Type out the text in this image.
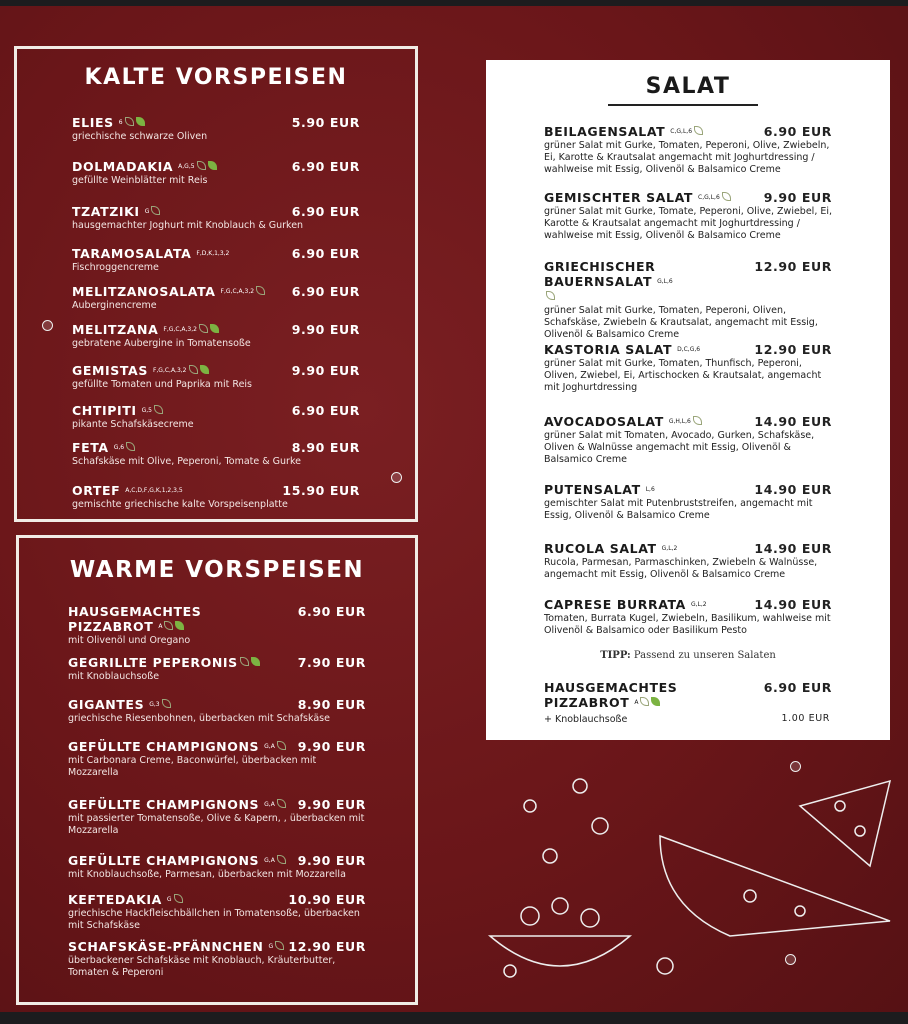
KALTE VORSPEISEN
ELIES $^6$	5.90 EUR
griechische schwarze Oliven
DOLMADAKIA $^{A,G,5}$	6.90 EUR
gefüllte Weinblätter mit Reis
TZATZIKI $^G$	6.90 EUR
hausgemachter Joghurt mit Knoblauch & Gurken
TARAMOSALATA $^{F,D,K,1,3,2}$	6.90 EUR
Fischroggencreme
MELITZANOSALATA $^{F,G,C,A,3,2}$	6.90 EUR
Auberginencreme
MELITZANA $^{F,G,C,A,3,2}$	9.90 EUR
gebratene Aubergine in Tomatensoße
GEMISTAS $^{F,G,C,A,3,2}$	9.90 EUR
gefüllte Tomaten und Paprika mit Reis
CHTIPITI $^{G,5}$	6.90 EUR
pikante Schafskäsecreme
FETA $^{G,6}$	8.90 EUR
Schafskäse mit Olive, Peperoni, Tomate & Gurke
ORTEF $^{A,C,D,F,G,K,1,2,3,5}$	15.90 EUR
gemischte griechische kalte Vorspeisenplatte
WARME VORSPEISEN
HAUSGEMACHTES PIZZABROT $^A$
6.90 EUR
mit Olivenöl und Oregano
GEGRILLTE PEPERONIS	7.90 EUR
mit Knoblauchsoße
GIGANTES $^{G,3}$	8.90 EUR
griechische Riesenbohnen, überbacken mit Schafskäse
GEFÜLLTE CHAMPIGNONS $^{G,A}$	9.90 EUR
mit Carbonara Creme, Baconwürfel, überbacken mit Mozzarella
GEFÜLLTE CHAMPIGNONS $^{G,A}$	9.90 EUR
mit passierter Tomatensoße, Olive & Kapern, , überbacken mit Mozzarella
GEFÜLLTE CHAMPIGNONS $^{G,A}$	9.90 EUR
mit Knoblauchsoße, Parmesan, überbacken mit Mozzarella
KEFTEDAKIA $^G$	10.90 EUR
griechische Hackfleischbällchen in Tomatensoße, überbacken mit Schafskäse
SCHAFSKÄSE-PFÄNNCHEN $^G$	12.90 EUR
überbackener Schafskäse mit Knoblauch, Kräuterbutter, Tomaten & Peperoni
SALAT
BEILAGENSALAT $^{C,G,L,6}$	6.90 EUR
grüner Salat mit Gurke, Tomaten, Peperoni, Olive, Zwiebeln, Ei, Karotte & Krautsalat angemacht mit Joghurtdressing / wahlweise mit Essig, Olivenöl & Balsamico Creme
GEMISCHTER SALAT $^{C,G,L,6}$	9.90 EUR
grüner Salat mit Gurke, Tomate, Peperoni, Olive, Zwiebel, Ei, Karotte & Krautsalat angemacht mit Joghurtdressing / wahlweise mit Essig, Olivenöl & Balsamico Creme
GRIECHISCHER BAUERNSALAT $^{G,L,6}$
12.90 EUR
grüner Salat mit Gurke, Tomaten, Peperoni, Oliven, Schafskäse, Zwiebeln & Krautsalat, angemacht mit Essig, Olivenöl & Balsamico Creme
KASTORIA SALAT $^{D,C,G,6}$	12.90 EUR
grüner Salat mit Gurke, Tomaten, Thunfisch, Peperoni, Oliven, Zwiebel, Ei, Artischocken & Krautsalat, angemacht mit Joghurtdressing
AVOCADOSALAT $^{G,H,L,6}$	14.90 EUR
grüner Salat mit Tomaten, Avocado, Gurken, Schafskäse, Oliven & Walnüsse angemacht mit Essig, Olivenöl & Balsamico Creme
PUTENSALAT $^{L,6}$	14.90 EUR
gemischter Salat mit Putenbruststreifen, angemacht mit Essig, Olivenöl & Balsamico Creme
RUCOLA SALAT $^{G,L,2}$	14.90 EUR
Rucola, Parmesan, Parmaschinken, Zwiebeln & Walnüsse, angemacht mit Essig, Olivenöl & Balsamico Creme
CAPRESE BURRATA $^{G,L,2}$	14.90 EUR
Tomaten, Burrata Kugel, Zwiebeln, Basilikum, wahlweise mit Olivenöl & Balsamico oder Basilikum Pesto
TIPP: Passend zu unseren Salaten
HAUSGEMACHTES PIZZABROT $^A$
6.90 EUR
+ Knoblauchsoße	1.00 EUR
